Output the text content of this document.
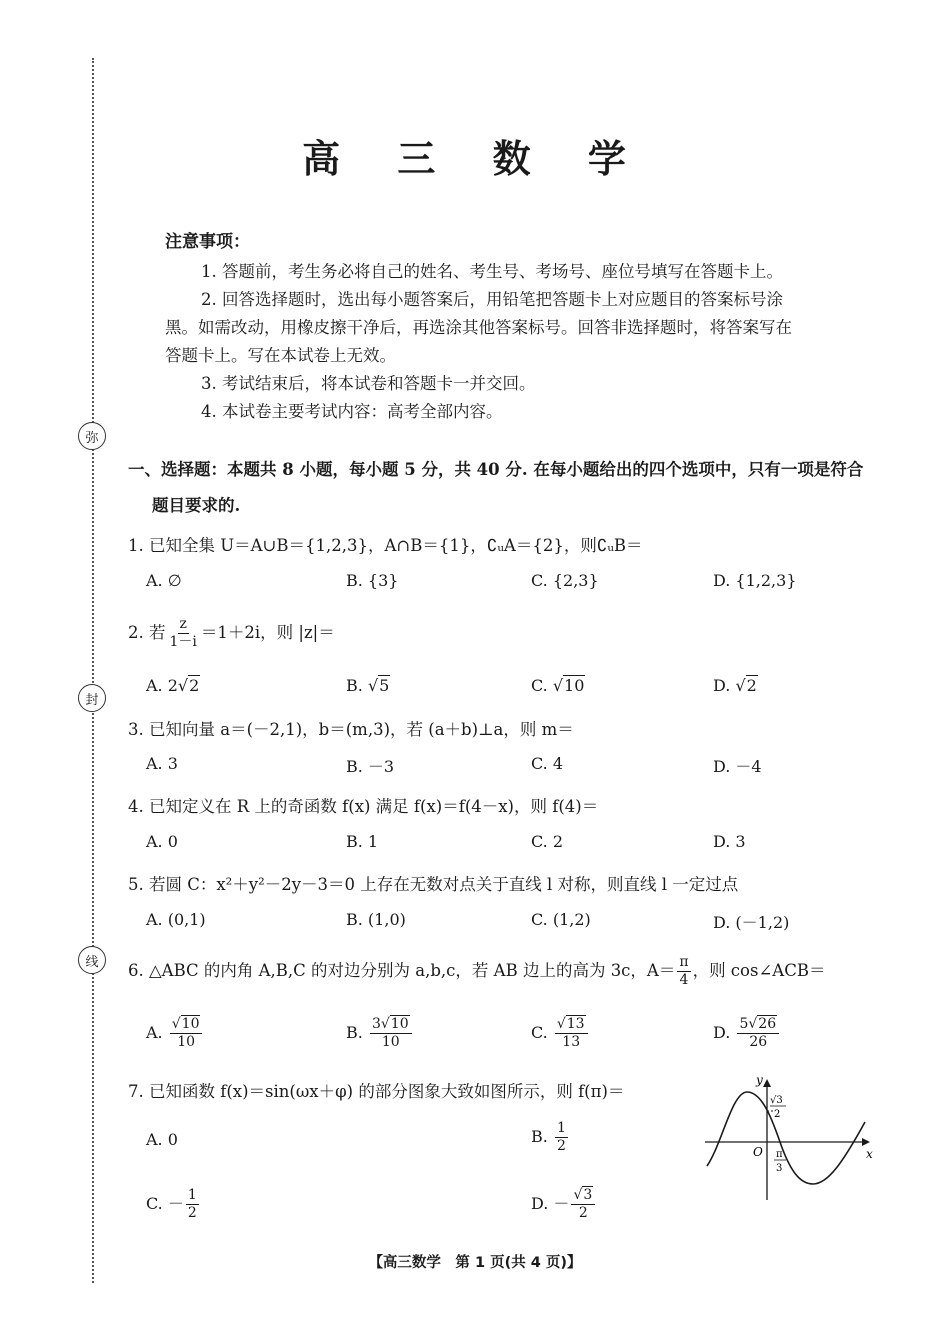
弥
封
线
高 三 数 学
注意事项：

1. 答题前，考生务必将自己的姓名、考生号、考场号、座位号填写在答题卡上。

2. 回答选择题时，选出每小题答案后，用铅笔把答题卡上对应题目的答案标号涂

黑。如需改动，用橡皮擦干净后，再选涂其他答案标号。回答非选择题时，将答案写在

答题卡上。写在本试卷上无效。

3. 考试结束后，将本试卷和答题卡一并交回。

4. 本试卷主要考试内容：高考全部内容。

一、选择题：本题共 8 小题，每小题 5 分，共 40 分. 在每小题给出的四个选项中，只有一项是符合
题目要求的.
1. 已知全集 U＝A∪B＝{1,2,3}，A∩B＝{1}，∁ᵤA＝{2}，则∁ᵤB＝
A. ∅	B. {3}	C. {2,3}	D. {1,2,3}
2. 若 $\frac{z}{1-i} =1+2i$，则 |z|＝
A. 2√2	B. √5	C. √10	D. √2
3. 已知向量 a＝(－2,1)，b＝(m,3)，若 (a＋b)⊥a，则 m＝
A. 3	B. －3	C. 4	D. －4
4. 已知定义在 R 上的奇函数 f(x) 满足 f(x)＝f(4－x)，则 f(4)＝
A. 0	B. 1	C. 2	D. 3
5. 若圆 C：x²＋y²－2y－3＝0 上存在无数对点关于直线 l 对称，则直线 l 一定过点
A. (0,1)	B. (1,0)	C. (1,2)	D. (－1,2)
6. △ABC 的内角 A,B,C 的对边分别为 a,b,c，若 AB 边上的高为 3c，$A= \frac{\pi}{4}$ ，则 cos∠ACB＝
A. $\frac{√10}{10}$	B. $\frac{3√10}{10}$	C. $\frac{√13}{13}$	D. $\frac{5√26}{26}$
7. 已知函数 f(x)＝sin(ωx＋φ) 的部分图象大致如图所示，则 f(π)＝
A. 0	B. $\frac{1}{2}$
C. － $\frac{1}{2}$	D. － $\frac{√3}{2}$
y
x
O
√3
2
π
3
【高三数学　第 1 页(共 4 页)】
